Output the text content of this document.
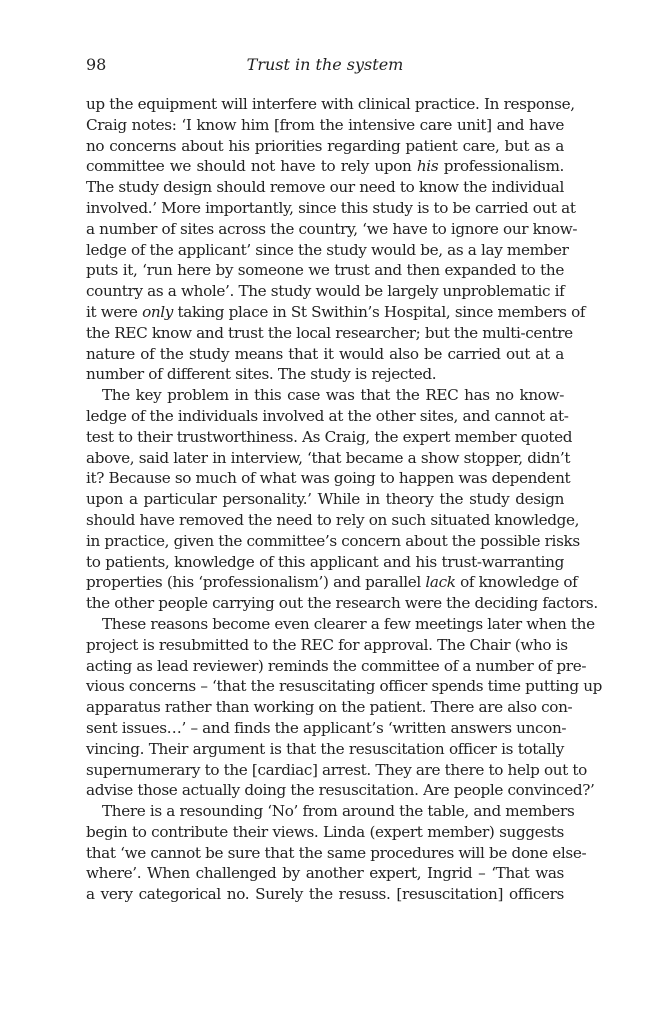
98	Trust in the system
up the equipment will interfere with clinical practice. In response,
Craig notes: ‘I know him [from the intensive care unit] and have
no concerns about his priorities regarding patient care, but as a
committee we should not have to rely upon his professionalism.
The study design should remove our need to know the individual
involved.’ More importantly, since this study is to be carried out at
a number of sites across the country, ‘we have to ignore our know-
ledge of the applicant’ since the study would be, as a lay member
puts it, ‘run here by someone we trust and then expanded to the
country as a whole’. The study would be largely unproblematic if
it were only taking place in St Swithin’s Hospital, since members of
the REC know and trust the local researcher; but the multi-centre
nature of the study means that it would also be carried out at a
number of different sites. The study is rejected.
The key problem in this case was that the REC has no know-
ledge of the individuals involved at the other sites, and cannot at-
test to their trustworthiness. As Craig, the expert member quoted
above, said later in interview, ‘that became a show stopper, didn’t
it? Because so much of what was going to happen was dependent
upon a particular personality.’ While in theory the study design
should have removed the need to rely on such situated knowledge,
in practice, given the committee’s concern about the possible risks
to patients, knowledge of this applicant and his trust-warranting
properties (his ‘professionalism’) and parallel lack of knowledge of
the other people carrying out the research were the deciding factors.
These reasons become even clearer a few meetings later when the
project is resubmitted to the REC for approval. The Chair (who is
acting as lead reviewer) reminds the committee of a number of pre-
vious concerns – ‘that the resuscitating officer spends time putting up
apparatus rather than working on the patient. There are also con-
sent issues…’ – and finds the applicant’s ‘written answers uncon-
vincing. Their argument is that the resuscitation officer is totally
supernumerary to the [cardiac] arrest. They are there to help out to
advise those actually doing the resuscitation. Are people convinced?’
There is a resounding ‘No’ from around the table, and members
begin to contribute their views. Linda (expert member) suggests
that ‘we cannot be sure that the same procedures will be done else-
where’. When challenged by another expert, Ingrid – ‘That was
a very categorical no. Surely the resuss. [resuscitation] officers
